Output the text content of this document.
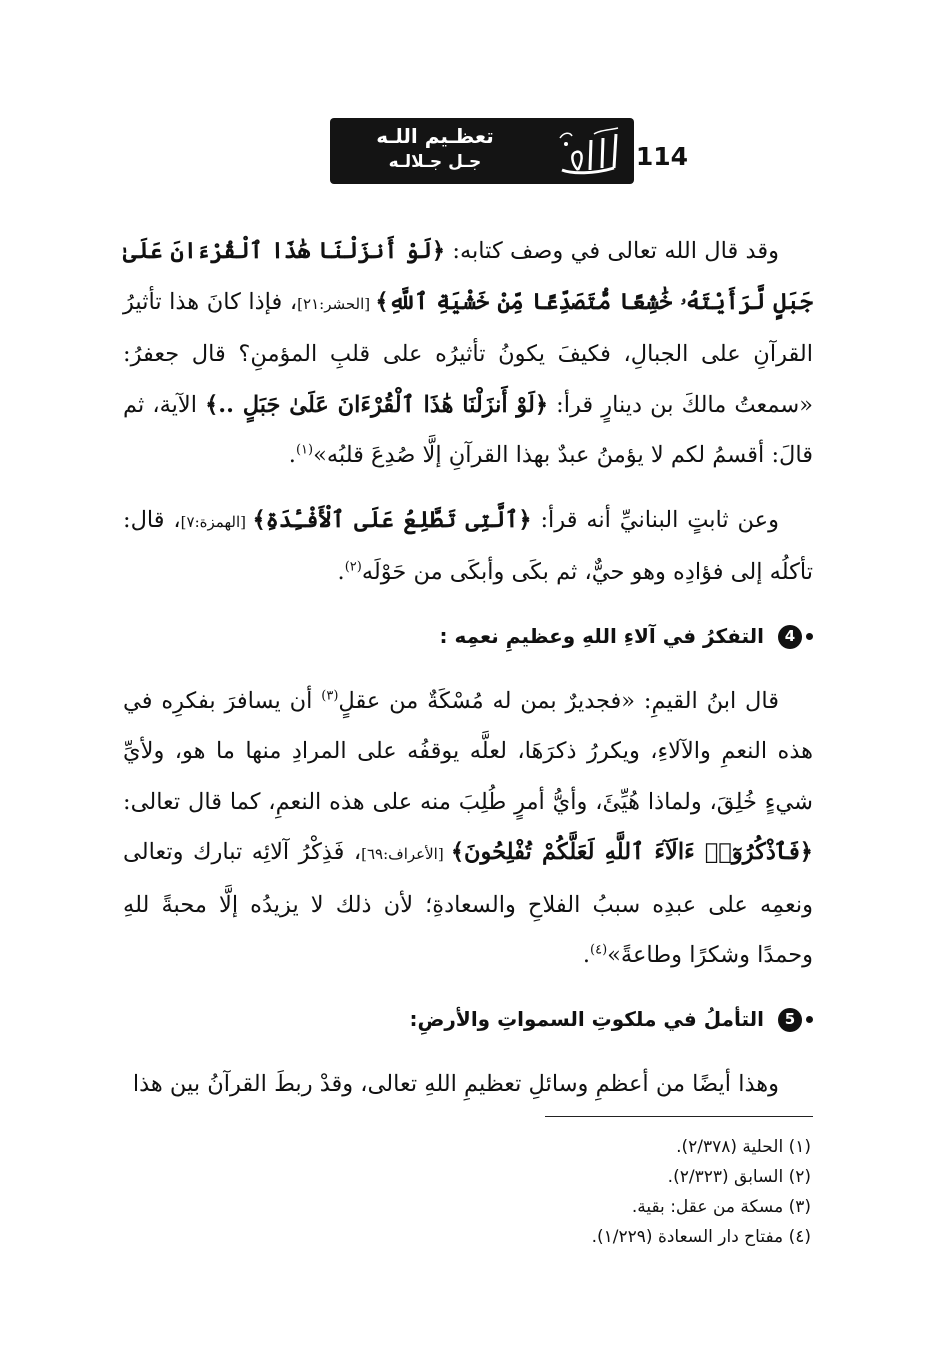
114
تعظـيم اللـه
جـل جـلالـه

وقد قال الله تعالى في وصف كتابه: ﴿لَوْ أَنزَلْنَا هَٰذَا ٱلْقُرْءَانَ عَلَىٰ جَبَلٍ لَّرَأَيْتَهُۥ خَٰشِعًا مُّتَصَدِّعًا مِّنْ خَشْيَةِ ٱللَّهِ﴾ [الحشر:٢١]، فإذا كانَ هذا تأثيرُ القرآنِ على الجبالِ، فكيفَ يكونُ تأثيرُه على قلبِ المؤمنِ؟ قال جعفرُ: «سمعتُ مالكَ بن دينارٍ قرأ: ﴿لَوْ أَنزَلْنَا هَٰذَا ٱلْقُرْءَانَ عَلَىٰ جَبَلٍ ..﴾ الآية، ثم قالَ: أقسمُ لكم لا يؤمنُ عبدٌ بهذا القرآنِ إلَّا صُدِعَ قلبُه»$^{(١)}$.

وعن ثابتٍ البنانيِّ أنه قرأ: ﴿ٱلَّتِى تَطَّلِعُ عَلَى ٱلْأَفْـِٔدَةِ﴾ [الهمزة:٧]، قال: تأكلُه إلى فؤادِه وهو حيٌّ، ثم بكَى وأبكَى من حَوْلَه$^{(٢)}$.

4
التفكرُ في آلاءِ اللهِ وعظيمِ نعمِه :

قال ابنُ القيمِ: «فجديرٌ بمن له مُسْكَةٌ من عقلٍ$^{(٣)}$ أن يسافرَ بفكرِه في هذه النعمِ والآلاءِ، ويكررُ ذكرَهَا، لعلَّه يوقفُه على المرادِ منها ما هو، ولأيِّ شيءٍ خُلِقَ، ولماذا هُيِّئَ، وأيُّ أمرٍ طُلِبَ منه على هذه النعمِ، كما قال تعالى: ﴿فَٱذْكُرُوٓا۟ ءَالَآءَ ٱللَّهِ لَعَلَّكُمْ تُفْلِحُونَ﴾ [الأعراف:٦٩]، فَذِكْرُ آلائِه تبارك وتعالى ونعمِه على عبدِه سببُ الفلاحِ والسعادةِ؛ لأن ذلك لا يزيدُه إلَّا محبةً للهِ وحمدًا وشكرًا وطاعةً»$^{(٤)}$.

5
التأملُ في ملكوتِ السمواتِ والأرضِ:

وهذا أيضًا من أعظمِ وسائلِ تعظيمِ اللهِ تعالى، وقدْ ربطَ القرآنُ بين هذا

(١) الحلية (٢/٣٧٨).
(٢) السابق (٢/٣٢٣).
(٣) مسكة من عقل: بقية.
(٤) مفتاح دار السعادة (١/٢٢٩).
